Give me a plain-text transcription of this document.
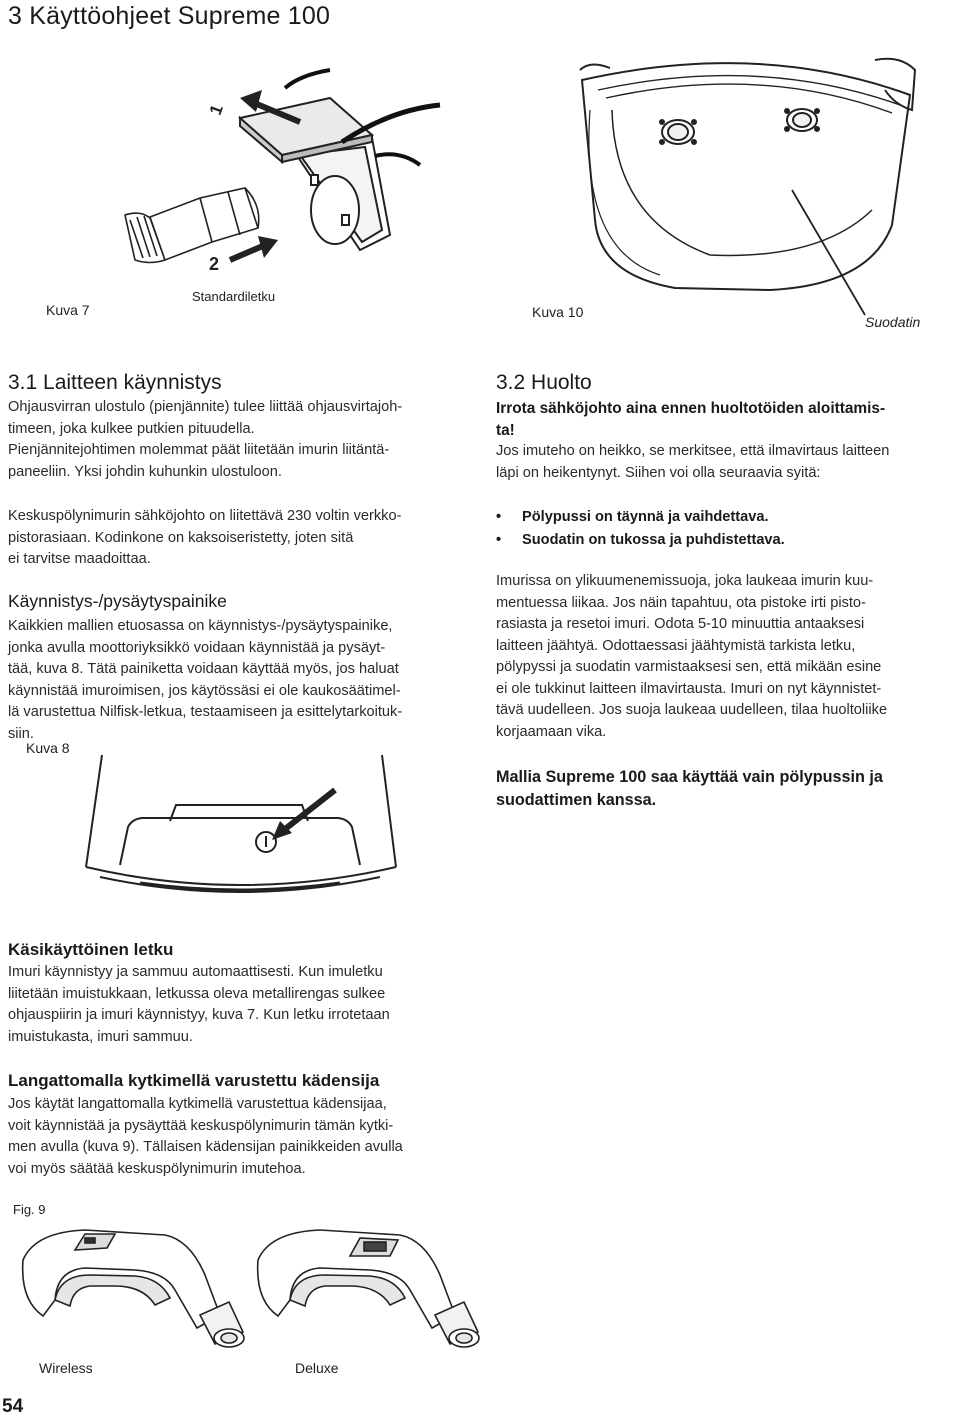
3 Käyttöohjeet Supreme 100
1
2
Kuva 7
Standardiletku
Kuva 10
Suodatin
3.1 Laitteen käynnistys
Ohjausvirran ulostulo (pienjännite) tulee liittää ohjausvirtajoh-
timeen, joka kulkee putkien pituudella.
Pienjännitejohtimen molemmat päät liitetään imurin liitäntä-
paneeliin. Yksi johdin kuhunkin ulostuloon.
Keskuspölynimurin sähköjohto on liitettävä 230 voltin verkko-
pistorasiaan. Kodinkone on kaksoiseristetty, joten sitä
ei tarvitse maadoittaa.
Käynnistys-/pysäytyspainike
Kaikkien mallien etuosassa on käynnistys-/pysäytyspainike,
jonka avulla moottoriyksikkö voidaan käynnistää ja pysäyt-
tää, kuva 8. Tätä painiketta voidaan käyttää myös, jos haluat
käynnistää imuroimisen, jos käytössäsi ei ole kaukosäätimel-
lä varustettua Nilfisk-letkua, testaamiseen ja esittelytarkoituk-
siin.
Kuva 8
3.2 Huolto
Irrota sähköjohto aina ennen huoltotöiden aloittamis-
ta!
Jos imuteho on heikko, se merkitsee, että ilmavirtaus laitteen
läpi on heikentynyt. Siihen voi olla seuraavia syitä:
• Pölypussi on täynnä ja vaihdettava.
• Suodatin on tukossa ja puhdistettava.
Imurissa on ylikuumenemissuoja, joka laukeaa imurin kuu-
mentuessa liikaa. Jos näin tapahtuu, ota pistoke irti pisto-
rasiasta ja resetoi imuri. Odota 5-10 minuuttia antaaksesi
laitteen jäähtyä. Odottaessasi jäähtymistä tarkista letku,
pölypyssi ja suodatin varmistaaksesi sen, että mikään esine
ei ole tukkinut laitteen ilmavirtausta. Imuri on nyt käynnistet-
tävä uudelleen. Jos suoja laukeaa uudelleen, tilaa huoltoliike
korjaamaan vika.
Mallia Supreme 100 saa käyttää vain pölypussin ja
suodattimen kanssa.
Käsikäyttöinen letku
Imuri käynnistyy ja sammuu automaattisesti. Kun imuletku
liitetään imuistukkaan, letkussa oleva metallirengas sulkee
ohjauspiirin ja imuri käynnistyy, kuva 7. Kun letku irrotetaan
imuistukasta, imuri sammuu.
Langattomalla kytkimellä varustettu kädensija
Jos käytät langattomalla kytkimellä varustettua kädensijaa,
voit käynnistää ja pysäyttää keskuspölynimurin tämän kytki-
men avulla (kuva 9). Tällaisen kädensijan painikkeiden avulla
voi myös säätää keskuspölynimurin imutehoa.
Fig. 9
Wireless	Deluxe
54
